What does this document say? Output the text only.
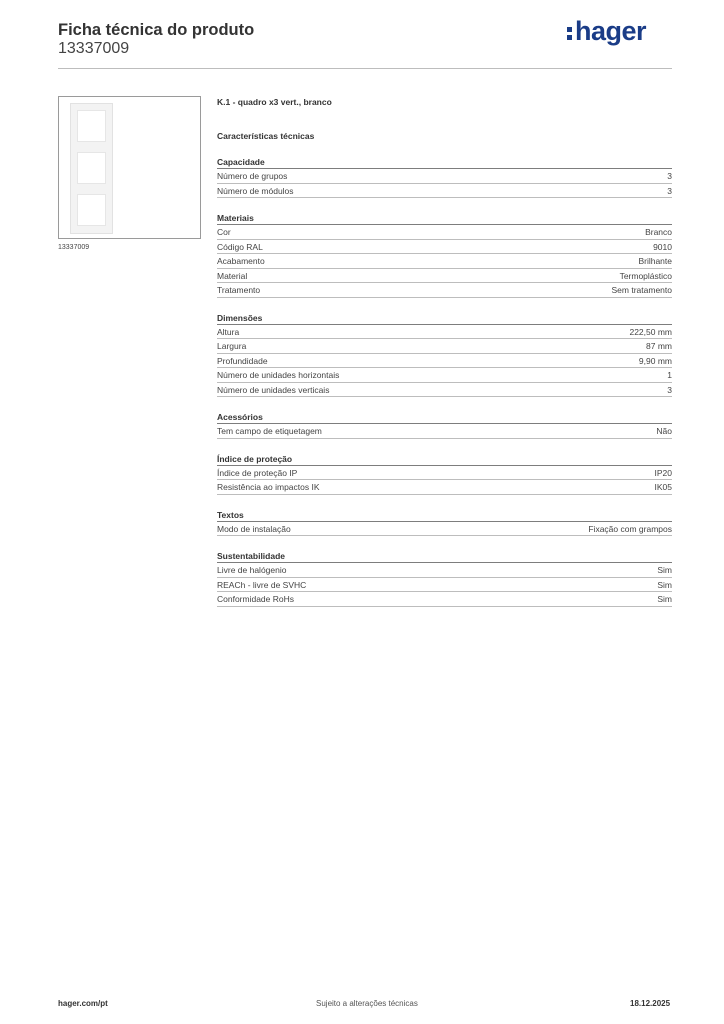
Ficha técnica do produto
13337009
hager
13337009
K.1 - quadro x3 vert., branco
Características técnicas
Capacidade
Número de grupos	3
Número de módulos	3
Materiais
Cor	Branco
Código RAL	9010
Acabamento	Brilhante
Material	Termoplástico
Tratamento	Sem tratamento
Dimensões
Altura	222,50 mm
Largura	87 mm
Profundidade	9,90 mm
Número de unidades horizontais	1
Número de unidades verticais	3
Acessórios
Tem campo de etiquetagem	Não
Índice de proteção
Índice de proteção IP	IP20
Resistência ao impactos IK	IK05
Textos
Modo de instalação	Fixação com grampos
Sustentabilidade
Livre de halógenio	Sim
REACh - livre de SVHC	Sim
Conformidade RoHs	Sim
hager.com/pt	Sujeito a alterações técnicas	18.12.2025
